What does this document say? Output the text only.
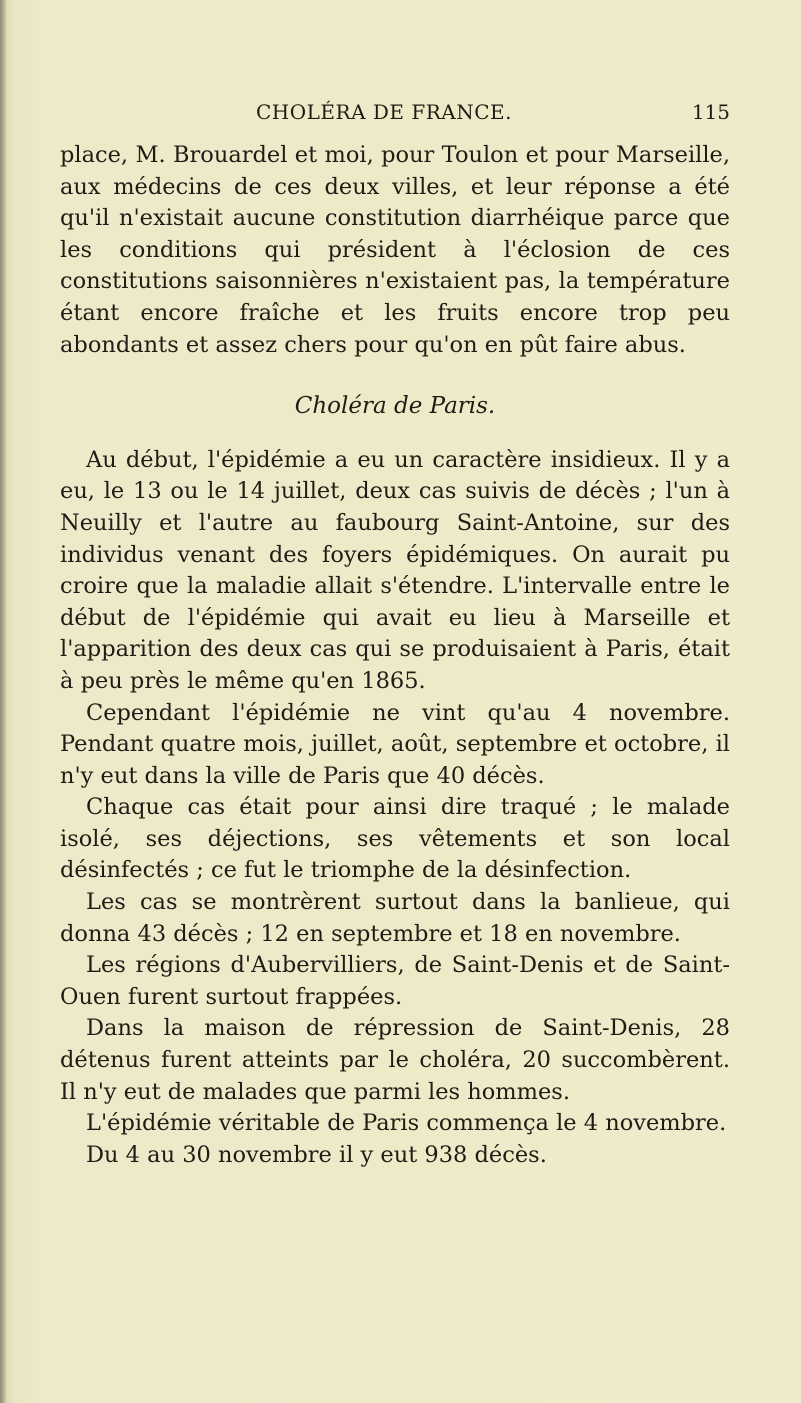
CHOLÉRA DE FRANCE.	115

place, M. Brouardel et moi, pour Toulon et pour Marseille, aux médecins de ces deux villes, et leur réponse a été qu'il n'existait aucune constitution diarrhéique parce que les conditions qui président à l'éclosion de ces constitutions saisonnières n'existaient pas, la température étant encore fraîche et les fruits encore trop peu abondants et assez chers pour qu'on en pût faire abus.

Choléra de Paris.

Au début, l'épidémie a eu un caractère insidieux. Il y a eu, le 13 ou le 14 juillet, deux cas suivis de décès ; l'un à Neuilly et l'autre au faubourg Saint-Antoine, sur des individus venant des foyers épidémiques. On aurait pu croire que la maladie allait s'étendre. L'intervalle entre le début de l'épidémie qui avait eu lieu à Marseille et l'apparition des deux cas qui se produisaient à Paris, était à peu près le même qu'en 1865.

Cependant l'épidémie ne vint qu'au 4 novembre. Pendant quatre mois, juillet, août, septembre et octobre, il n'y eut dans la ville de Paris que 40 décès.

Chaque cas était pour ainsi dire traqué ; le malade isolé, ses déjections, ses vêtements et son local désinfectés ; ce fut le triomphe de la désinfection.

Les cas se montrèrent surtout dans la banlieue, qui donna 43 décès ; 12 en septembre et 18 en novembre.

Les régions d'Aubervilliers, de Saint-Denis et de Saint-Ouen furent surtout frappées.

Dans la maison de répression de Saint-Denis, 28 détenus furent atteints par le choléra, 20 succombèrent. Il n'y eut de malades que parmi les hommes.

L'épidémie véritable de Paris commença le 4 novembre.

Du 4 au 30 novembre il y eut 938 décès.
